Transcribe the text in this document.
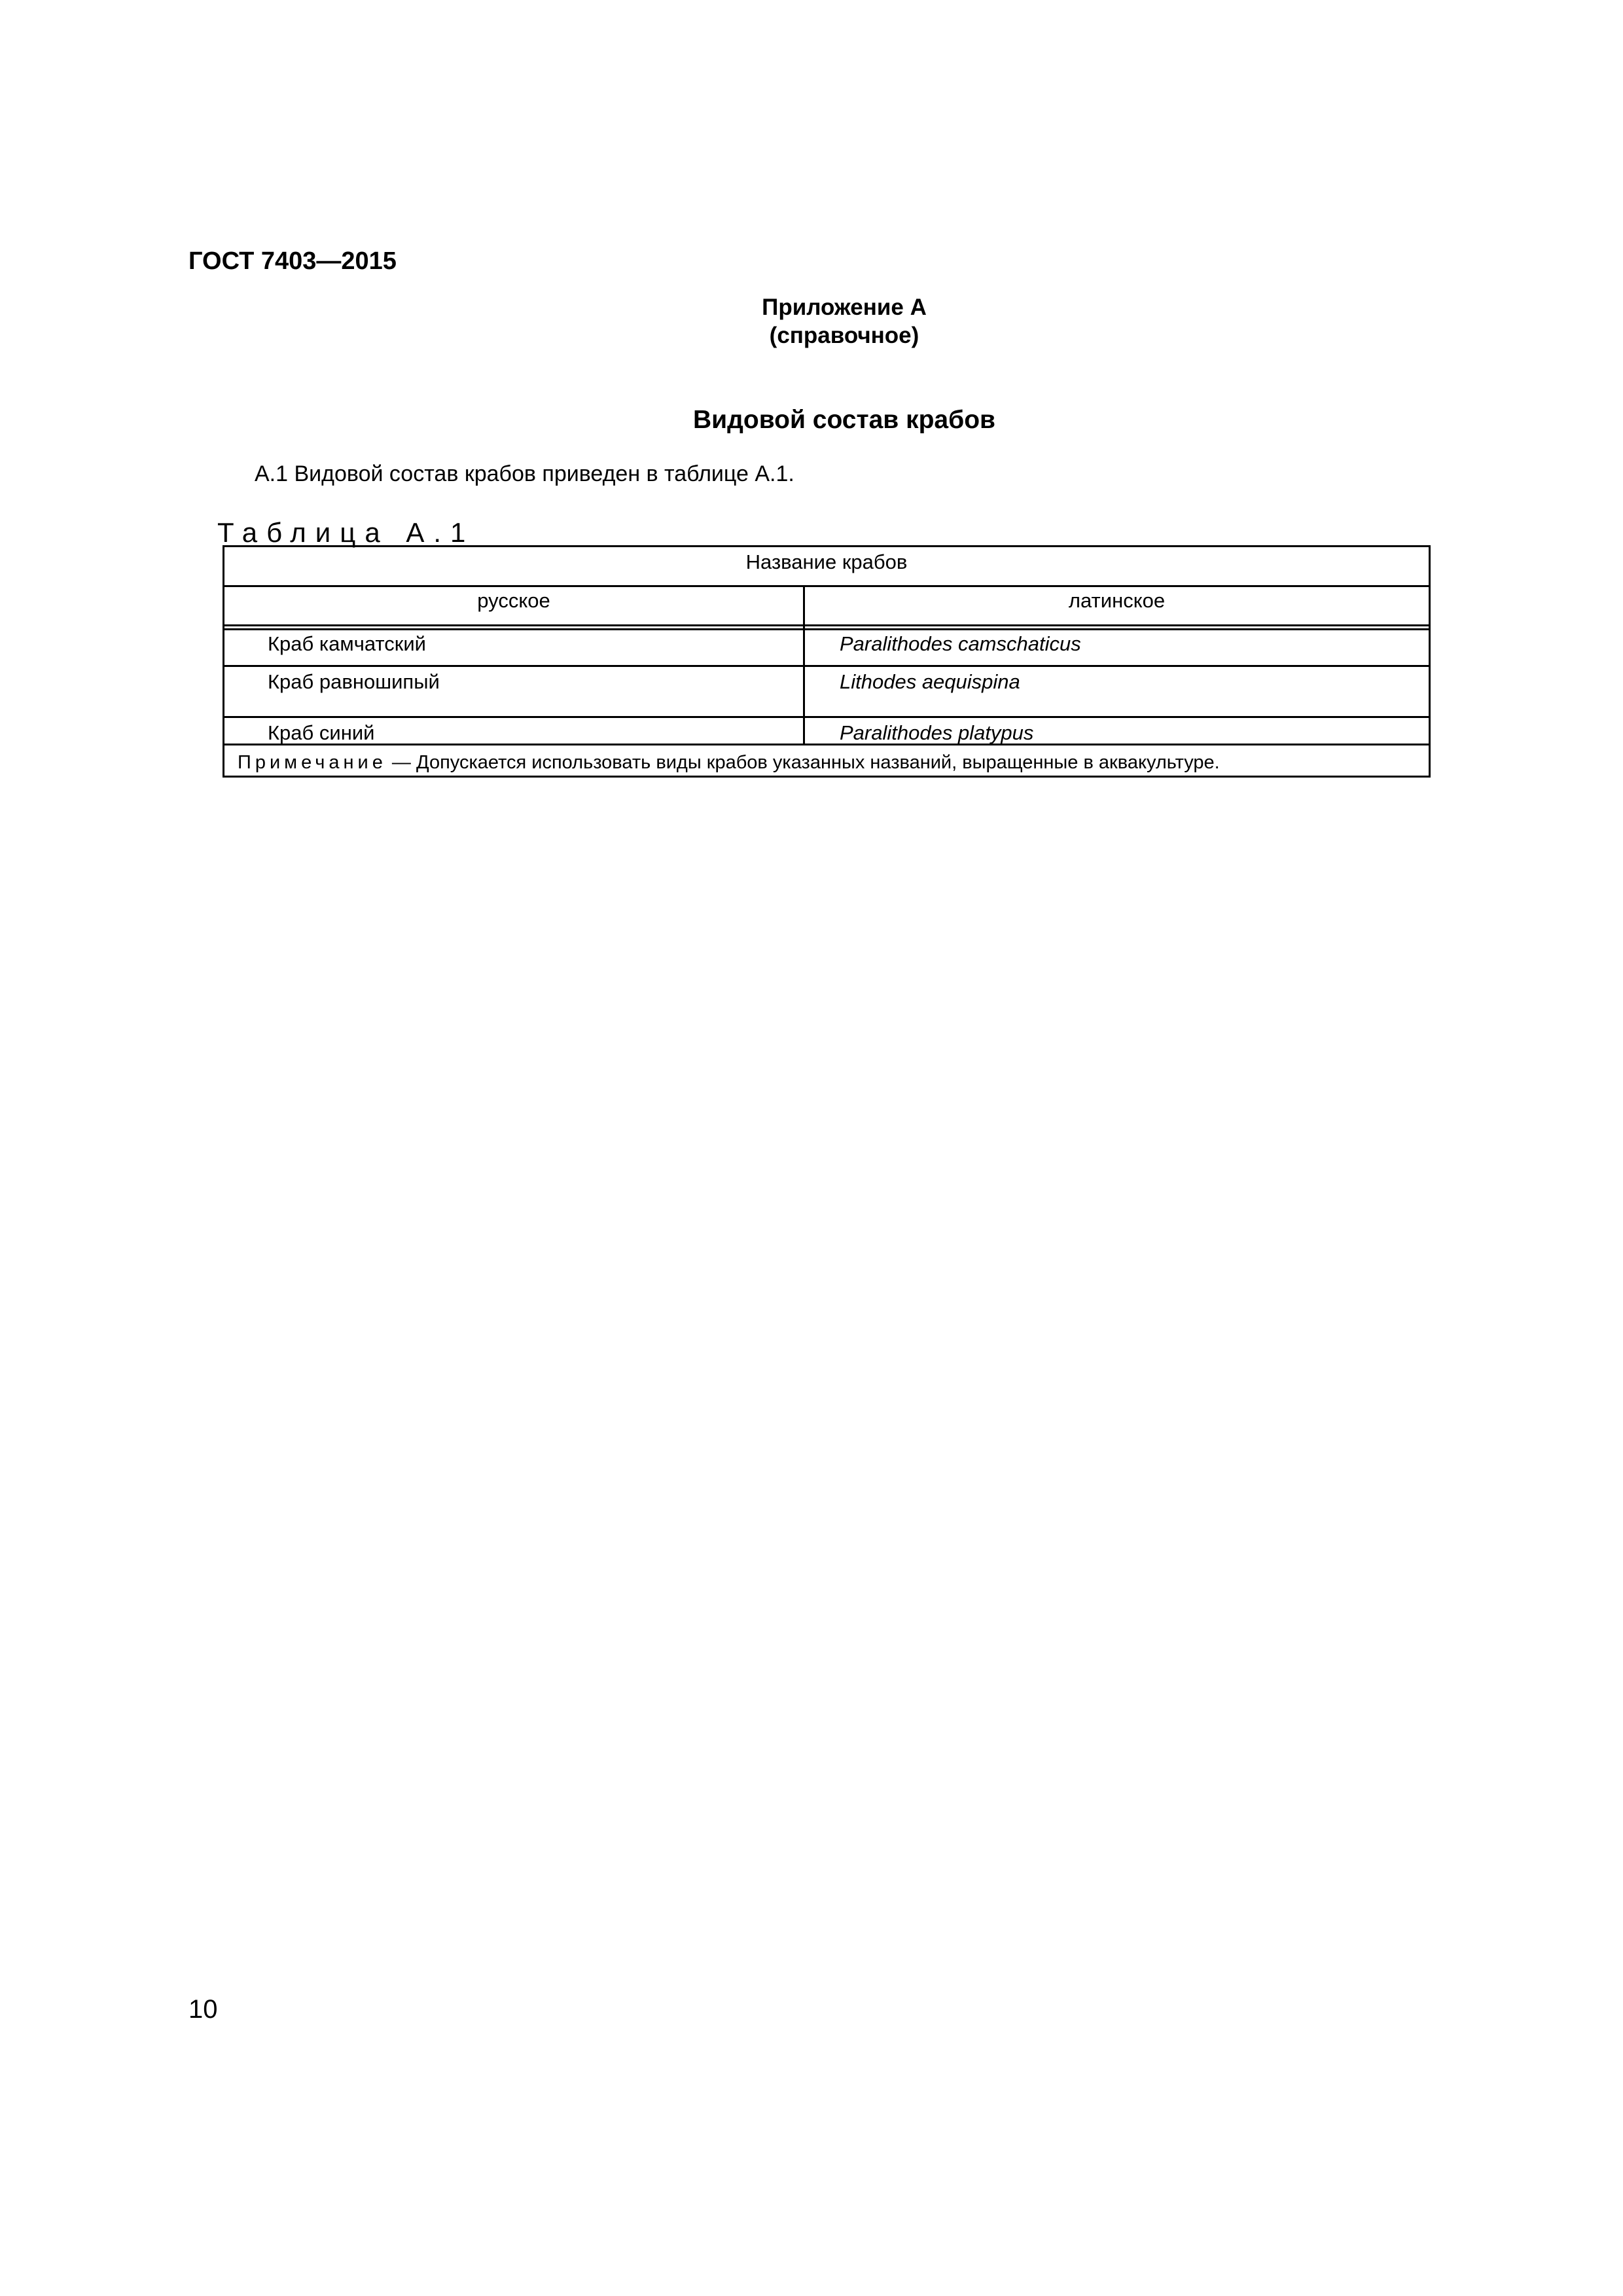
ГОСТ 7403—2015
Приложение А
(справочное)
Видовой состав крабов
А.1 Видовой состав крабов приведен в таблице А.1.
Таблица А.1
Название крабов
русское	латинское
Краб камчатский	Paralithodes camschaticus
Краб равношипый	Lithodes aequispina
Краб синий	Paralithodes platypus
Примечание — Допускается использовать виды крабов указанных названий, выращенные в аквакультуре.
10
